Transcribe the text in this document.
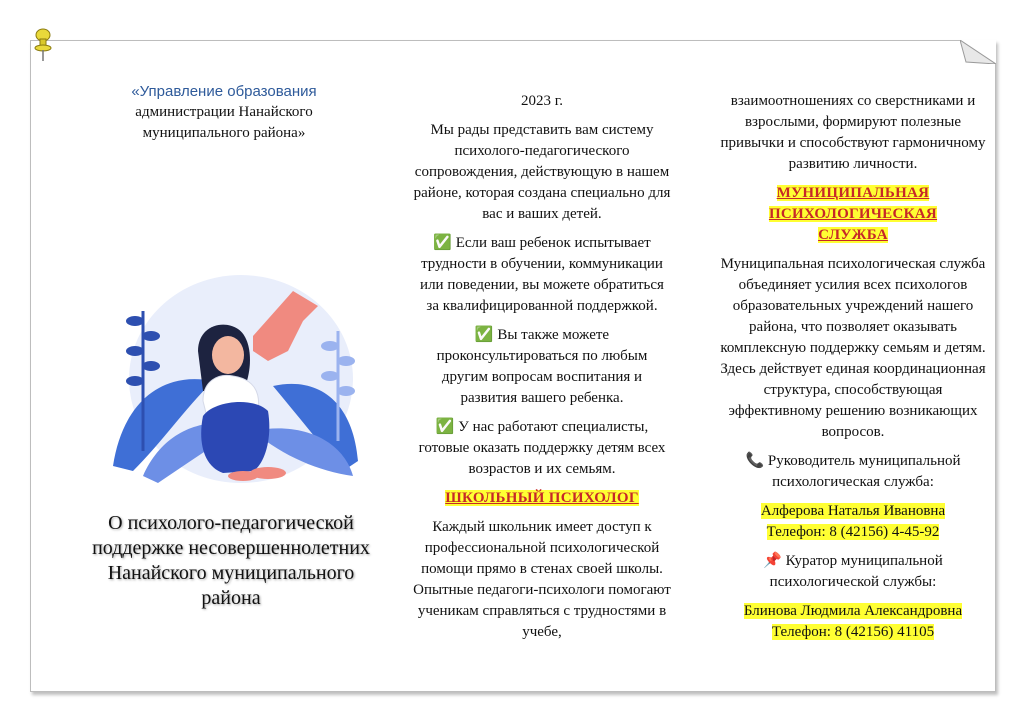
«Управление образования
администрации Нанайского
муниципального района»
О психолого-педагогической поддержке несовершеннолетних Нанайского муниципального района

2023 г.

Мы рады представить вам систему психолого-педагогического сопровождения, действующую в нашем районе, которая создана специально для вас и ваших детей.

✅ Если ваш ребенок испытывает трудности в обучении, коммуникации или поведении, вы можете обратиться за квалифицированной поддержкой.

✅ Вы также можете проконсультироваться по любым другим вопросам воспитания и развития вашего ребенка.

✅ У нас работают специалисты, готовые оказать поддержку детям всех возрастов и их семьям.

ШКОЛЬНЫЙ ПСИХОЛОГ

Каждый школьник имеет доступ к профессиональной психологической помощи прямо в стенах своей школы. Опытные педагоги-психологи помогают ученикам справляться с трудностями в учебе,

взаимоотношениях со сверстниками и взрослыми, формируют полезные привычки и способствуют гармоничному развитию личности.

МУНИЦИПАЛЬНАЯ ПСИХОЛОГИЧЕСКАЯ СЛУЖБА

Муниципальная психологическая служба объединяет усилия всех психологов образовательных учреждений нашего района, что позволяет оказывать комплексную поддержку семьям и детям. Здесь действует единая координационная структура, способствующая эффективному решению возникающих вопросов.

📞 Руководитель муниципальной психологическая служба:

Алферова Наталья Ивановна
Телефон: 8 (42156) 4-45-92

📌 Куратор муниципальной психологической службы:

Блинова Людмила Александровна
Телефон: 8 (42156) 41105
